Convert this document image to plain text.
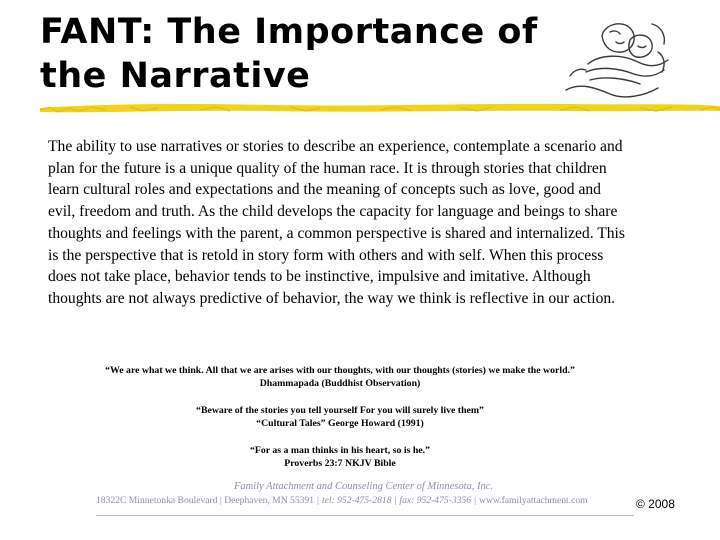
FANT: The Importance of
the Narrative

The ability to use narratives or stories to describe an experience, contemplate a scenario and plan for the future is a unique quality of the human race. It is through stories that children learn cultural roles and expectations and the meaning of concepts such as love, good and evil, freedom and truth. As the child develops the capacity for language and beings to share thoughts and feelings with the parent, a common perspective is shared and internalized. This is the perspective that is retold in story form with others and with self. When this process does not take place, behavior tends to be instinctive, impulsive and imitative. Although thoughts are not always predictive of behavior, the way we think is reflective in our action.

“We are what we think. All that we are arises with our thoughts, with our thoughts (stories) we make the world.”
Dhammapada (Buddhist Observation)
“Beware of the stories you tell yourself For you will surely live them”
“Cultural Tales” George Howard (1991)
“For as a man thinks in his heart, so is he.”
Proverbs 23:7 NKJV Bible
Family Attachment and Counseling Center of Minnesota, Inc.
18322C Minnetonka Boulevard | Deephaven, MN 55391 | tel: 952-475-2818 | fax: 952-475-3356 | www.familyattachment.com	© 2008
